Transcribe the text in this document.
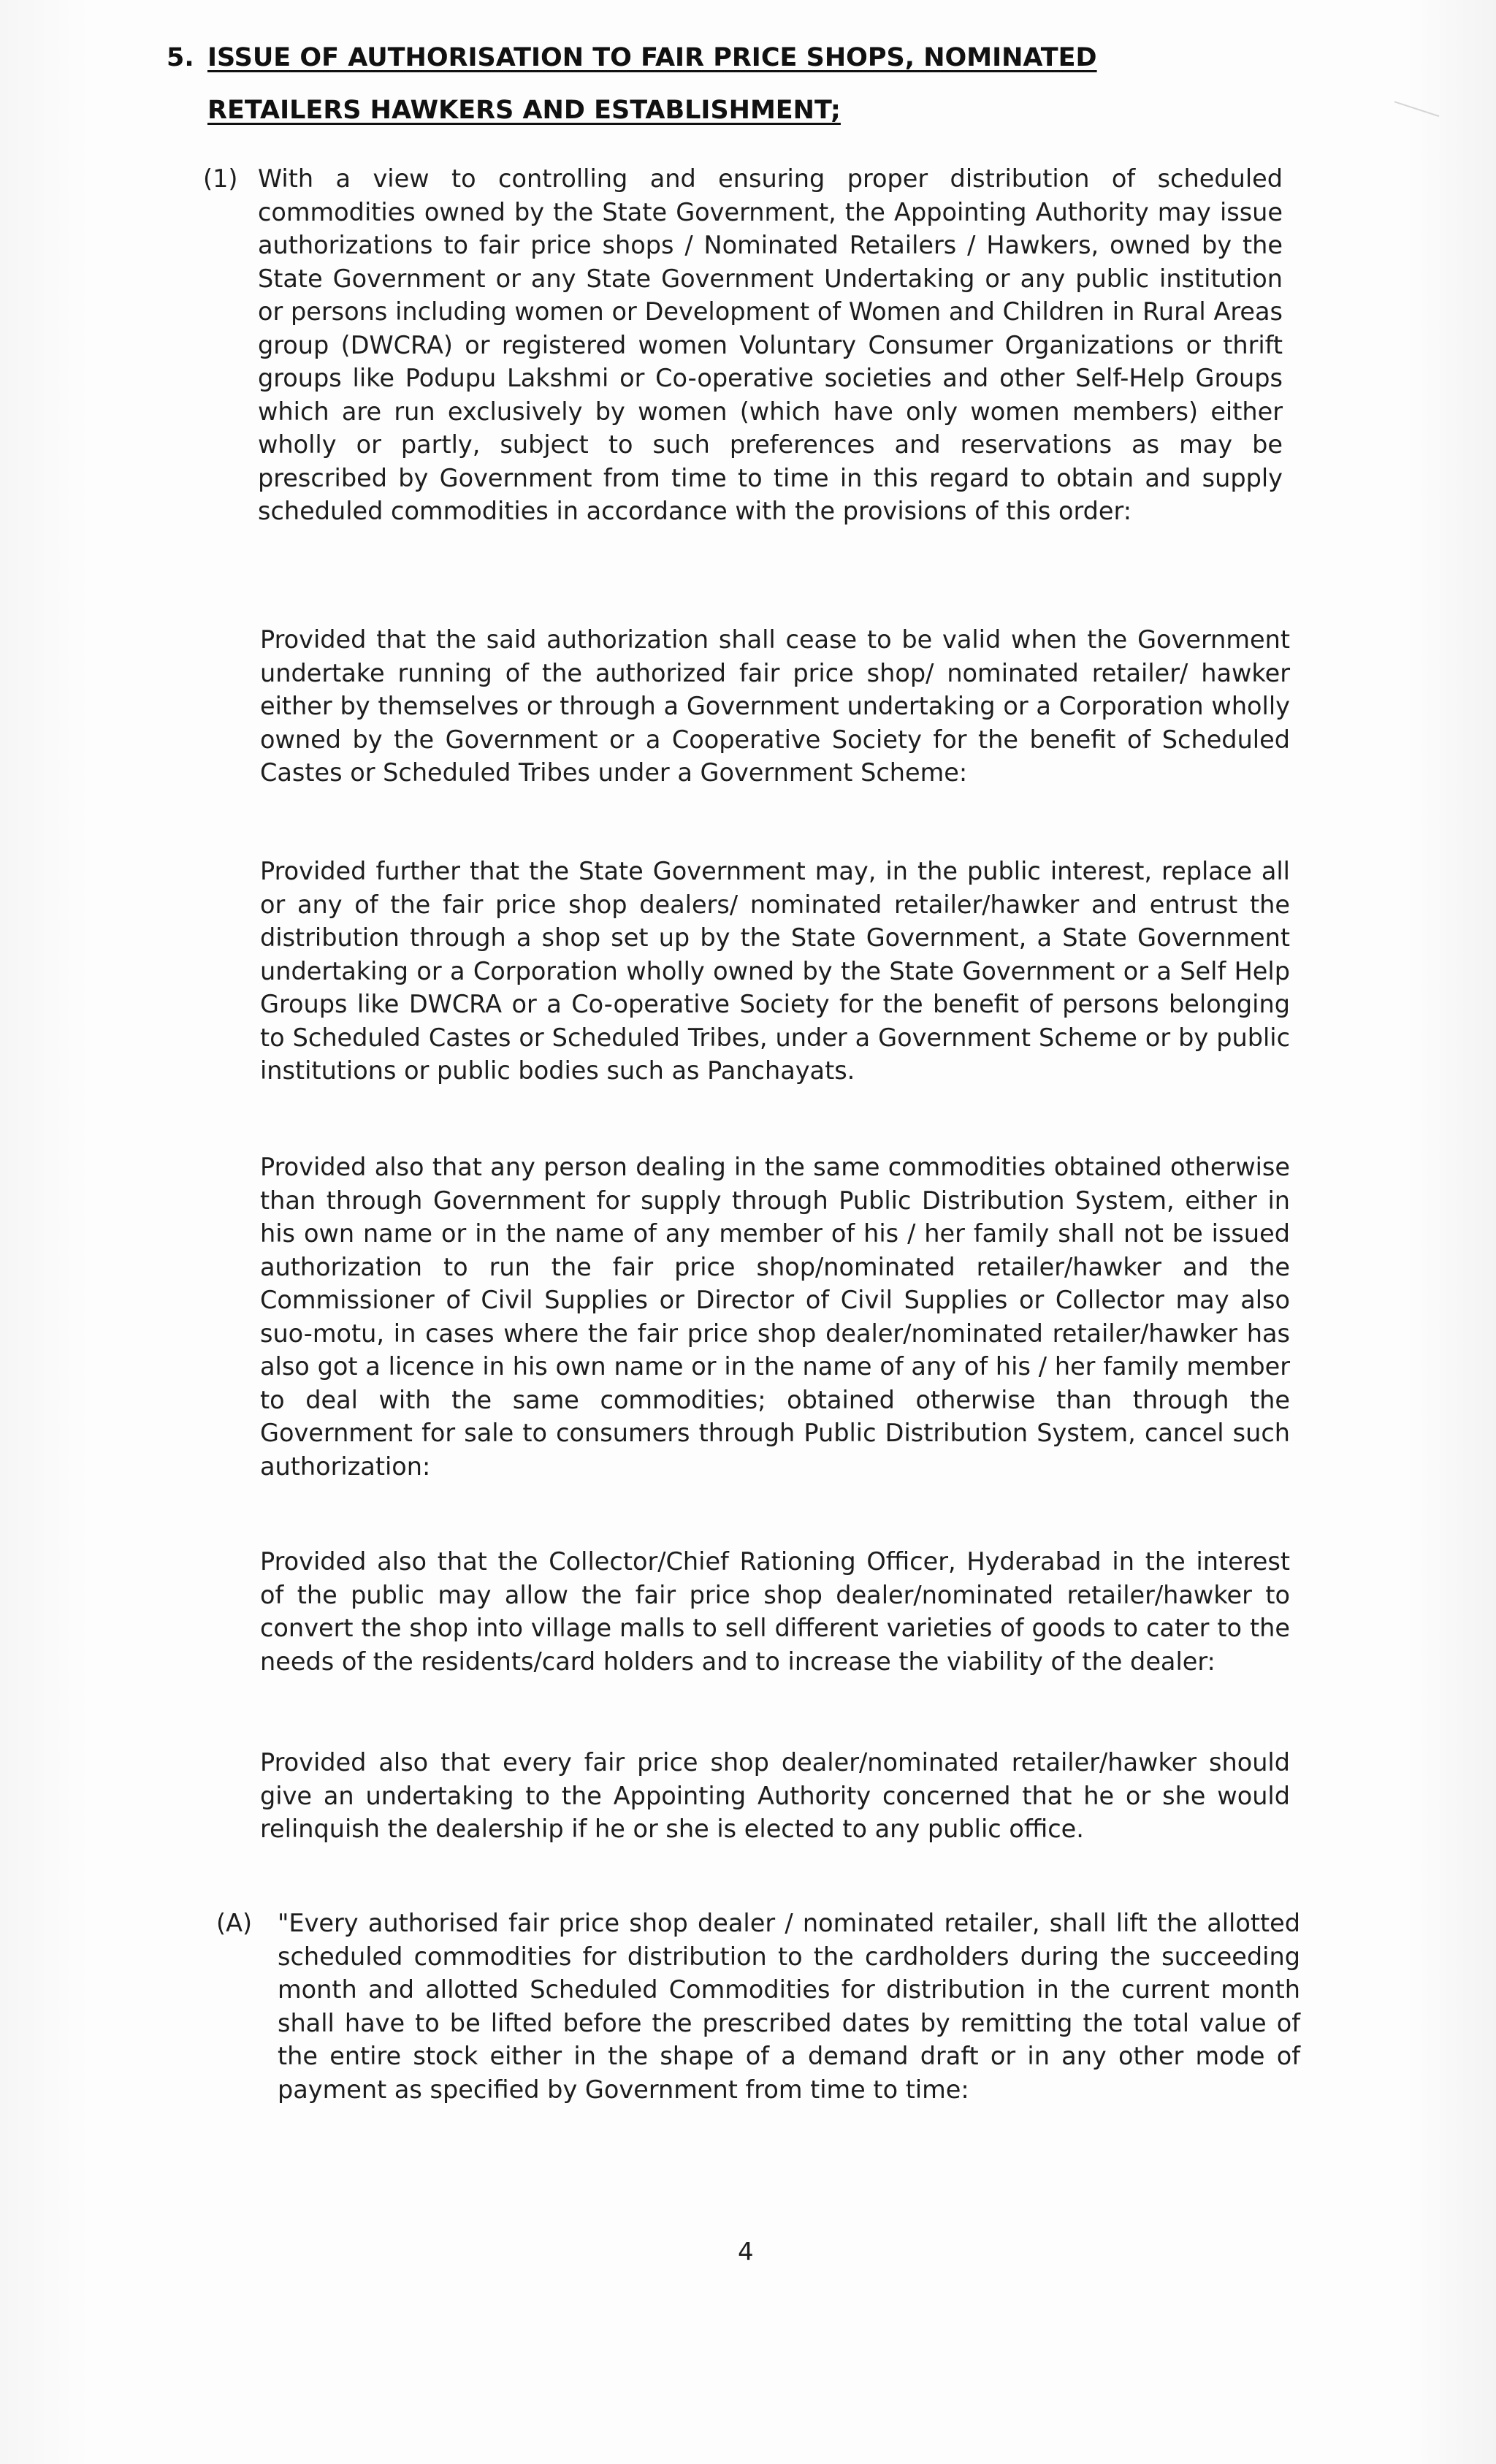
5. ISSUE OF AUTHORISATION TO FAIR PRICE SHOPS, NOMINATED
RETAILERS HAWKERS AND ESTABLISHMENT;
(1) With a view to controlling and ensuring proper distribution of scheduled commodities owned by the State Government, the Appointing Authority may issue authorizations to fair price shops / Nominated Retailers / Hawkers, owned by the State Government or any State Government Undertaking or any public institution or persons including women or Development of Women and Children in Rural Areas group (DWCRA) or registered women Voluntary Consumer Organizations or thrift groups like Podupu Lakshmi or Co-operative societies and other Self-Help Groups which are run exclusively by women (which have only women members) either wholly or partly, subject to such preferences and reservations as may be prescribed by Government from time to time in this regard to obtain and supply scheduled commodities in accordance with the provisions of this order:
Provided that the said authorization shall cease to be valid when the Government undertake running of the authorized fair price shop/ nominated retailer/ hawker either by themselves or through a Government undertaking or a Corporation wholly owned by the Government or a Cooperative Society for the benefit of Scheduled Castes or Scheduled Tribes under a Government Scheme:
Provided further that the State Government may, in the public interest, replace all or any of the fair price shop dealers/ nominated retailer/hawker and entrust the distribution through a shop set up by the State Government, a State Government undertaking or a Corporation wholly owned by the State Government or a Self Help Groups like DWCRA or a Co-operative Society for the benefit of persons belonging to Scheduled Castes or Scheduled Tribes, under a Government Scheme or by public institutions or public bodies such as Panchayats.
Provided also that any person dealing in the same commodities obtained otherwise than through Government for supply through Public Distribution System, either in his own name or in the name of any member of his / her family shall not be issued authorization to run the fair price shop/nominated retailer/hawker and the Commissioner of Civil Supplies or Director of Civil Supplies or Collector may also suo-motu, in cases where the fair price shop dealer/nominated retailer/hawker has also got a licence in his own name or in the name of any of his / her family member to deal with the same commodities; obtained otherwise than through the Government for sale to consumers through Public Distribution System, cancel such authorization:
Provided also that the Collector/Chief Rationing Officer, Hyderabad in the interest of the public may allow the fair price shop dealer/nominated retailer/hawker to convert the shop into village malls to sell different varieties of goods to cater to the needs of the residents/card holders and to increase the viability of the dealer:
Provided also that every fair price shop dealer/nominated retailer/hawker should give an undertaking to the Appointing Authority concerned that he or she would relinquish the dealership if he or she is elected to any public office.
(A) "Every authorised fair price shop dealer / nominated retailer, shall lift the allotted scheduled commodities for distribution to the cardholders during the succeeding month and allotted Scheduled Commodities for distribution in the current month shall have to be lifted before the prescribed dates by remitting the total value of the entire stock either in the shape of a demand draft or in any other mode of payment as specified by Government from time to time:
4
